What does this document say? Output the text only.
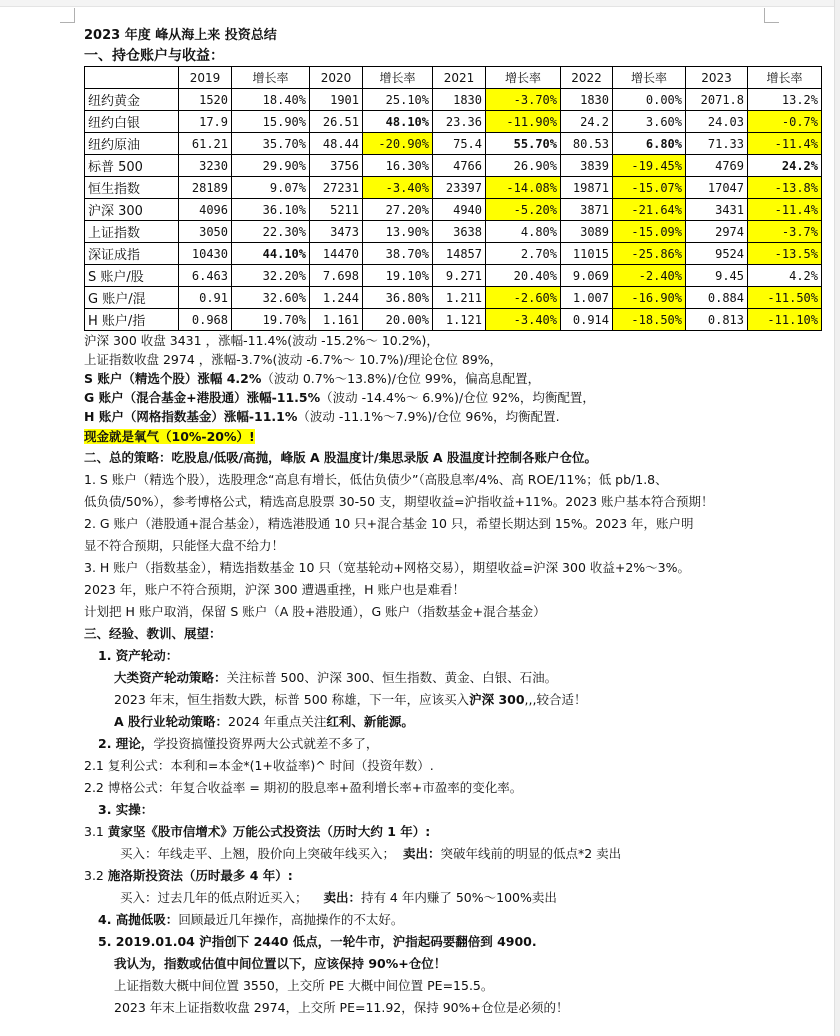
2023 年度 峰从海上来 投资总结
一、持仓账户与收益：
	2019	增长率	2020	增长率	2021	增长率	2022	增长率	2023	增长率
纽约黄金	1520	18.40%	1901	25.10%	1830	-3.70%	1830	0.00%	2071.8	13.2%
纽约白银	17.9	15.90%	26.51	48.10%	23.36	-11.90%	24.2	3.60%	24.03	-0.7%
纽约原油	61.21	35.70%	48.44	-20.90%	75.4	55.70%	80.53	6.80%	71.33	-11.4%
标普 500	3230	29.90%	3756	16.30%	4766	26.90%	3839	-19.45%	4769	24.2%
恒生指数	28189	9.07%	27231	-3.40%	23397	-14.08%	19871	-15.07%	17047	-13.8%
沪深 300	4096	36.10%	5211	27.20%	4940	-5.20%	3871	-21.64%	3431	-11.4%
上证指数	3050	22.30%	3473	13.90%	3638	4.80%	3089	-15.09%	2974	-3.7%
深证成指	10430	44.10%	14470	38.70%	14857	2.70%	11015	-25.86%	9524	-13.5%
S 账户/股	6.463	32.20%	7.698	19.10%	9.271	20.40%	9.069	-2.40%	9.45	4.2%
G 账户/混	0.91	32.60%	1.244	36.80%	1.211	-2.60%	1.007	-16.90%	0.884	-11.50%
H 账户/指	0.968	19.70%	1.161	20.00%	1.121	-3.40%	0.914	-18.50%	0.813	-11.10%
沪深 300 收盘 3431 ，涨幅-11.4%(波动 -15.2%～ 10.2%)，
上证指数收盘 2974 ，涨幅-3.7%(波动 -6.7%～ 10.7%)/理论仓位 89%，
S 账户（精选个股）涨幅 4.2%（波动 0.7%～13.8%)/仓位 99%，偏高息配置，
G 账户（混合基金+港股通）涨幅-11.5%（波动 -14.4%～ 6.9%)/仓位 92%，均衡配置，
H 账户（网格指数基金）涨幅-11.1%（波动 -11.1%～7.9%)/仓位 96%，均衡配置.
现金就是氧气（10%-20%）!
二、总的策略：吃股息/低吸/高抛，峰版 A 股温度计/集思录版 A 股温度计控制各账户仓位。
1. S 账户（精选个股），选股理念“高息有增长，低估负债少”（高股息率/4%、高 ROE/11%；低 pb/1.8、
低负债/50%），参考博格公式，精选高息股票 30-50 支，期望收益=沪指收益+11%。2023 账户基本符合预期！
2. G 账户（港股通+混合基金），精选港股通 10 只+混合基金 10 只，希望长期达到 15%。2023 年，账户明
显不符合预期，只能怪大盘不给力！
3. H 账户（指数基金），精选指数基金 10 只（宽基轮动+网格交易），期望收益=沪深 300 收益+2%～3%。
2023 年，账户不符合预期，沪深 300 遭遇重挫，H 账户也是难看！
计划把 H 账户取消，保留 S 账户（A 股+港股通），G 账户（指数基金+混合基金）
三、经验、教训、展望：
1. 资产轮动：
大类资产轮动策略：关注标普 500、沪深 300、恒生指数、黄金、白银、石油。
2023 年末，恒生指数大跌，标普 500 称雄，下一年，应该买入沪深 300,,,较合适！
A 股行业轮动策略：2024 年重点关注红利、新能源。
2. 理论，学投资搞懂投资界两大公式就差不多了，
2.1 复利公式：本利和=本金*(1+收益率)^ 时间（投资年数）.
2.2 博格公式：年复合收益率 = 期初的股息率+盈利增长率+市盈率的变化率。
3. 实操：
3.1 黄家坚《股市信增术》万能公式投资法（历时大约 1 年）:
买入：年线走平、上翘，股价向上突破年线买入； 卖出：突破年线前的明显的低点*2 卖出
3.2 施洛斯投资法（历时最多 4 年）:
买入：过去几年的低点附近买入； 卖出：持有 4 年内赚了 50%～100%卖出
4. 高抛低吸：回顾最近几年操作，高抛操作的不太好。
5. 2019.01.04 沪指创下 2440 低点，一轮牛市，沪指起码要翻倍到 4900.
我认为，指数或估值中间位置以下，应该保持 90%+仓位！
上证指数大概中间位置 3550，上交所 PE 大概中间位置 PE=15.5。
2023 年末上证指数收盘 2974，上交所 PE=11.92，保持 90%+仓位是必须的！
